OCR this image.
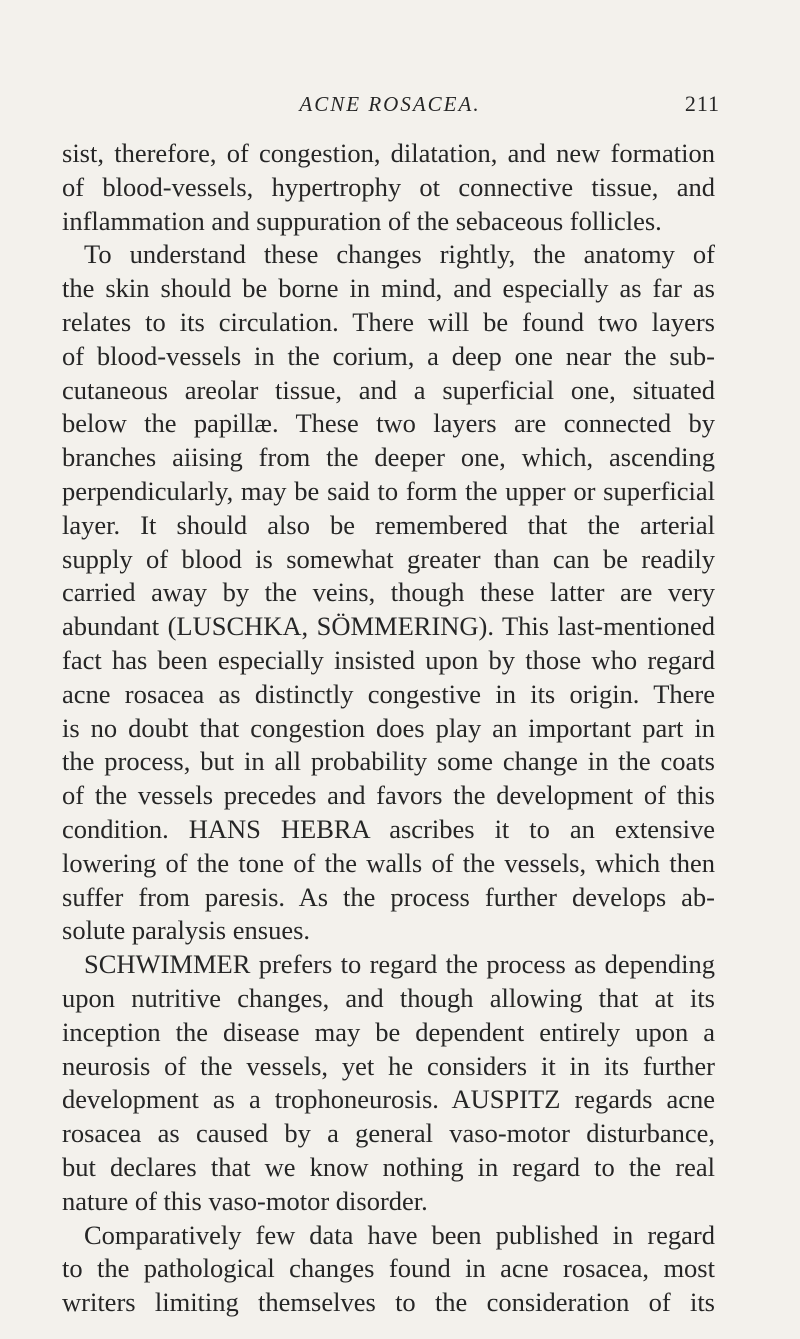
ACNE ROSACEA.	211
sist, therefore, of congestion, dilatation, and new formation
of blood-vessels, hypertrophy ot connective tissue, and
inflammation and suppuration of the sebaceous follicles.
To understand these changes rightly, the anatomy of
the skin should be borne in mind, and especially as far as
relates to its circulation. There will be found two layers
of blood-vessels in the corium, a deep one near the sub-
cutaneous areolar tissue, and a superficial one, situated
below the papillæ. These two layers are connected by
branches aiising from the deeper one, which, ascending
perpendicularly, may be said to form the upper or superficial
layer. It should also be remembered that the arterial
supply of blood is somewhat greater than can be readily
carried away by the veins, though these latter are very
abundant (LUSCHKA, SÖMMERING). This last-mentioned
fact has been especially insisted upon by those who regard
acne rosacea as distinctly congestive in its origin. There
is no doubt that congestion does play an important part in
the process, but in all probability some change in the coats
of the vessels precedes and favors the development of this
condition. HANS HEBRA ascribes it to an extensive
lowering of the tone of the walls of the vessels, which then
suffer from paresis. As the process further develops ab-
solute paralysis ensues.
SCHWIMMER prefers to regard the process as depending
upon nutritive changes, and though allowing that at its
inception the disease may be dependent entirely upon a
neurosis of the vessels, yet he considers it in its further
development as a trophoneurosis. AUSPITZ regards acne
rosacea as caused by a general vaso-motor disturbance,
but declares that we know nothing in regard to the real
nature of this vaso-motor disorder.
Comparatively few data have been published in regard
to the pathological changes found in acne rosacea, most
writers limiting themselves to the consideration of its
